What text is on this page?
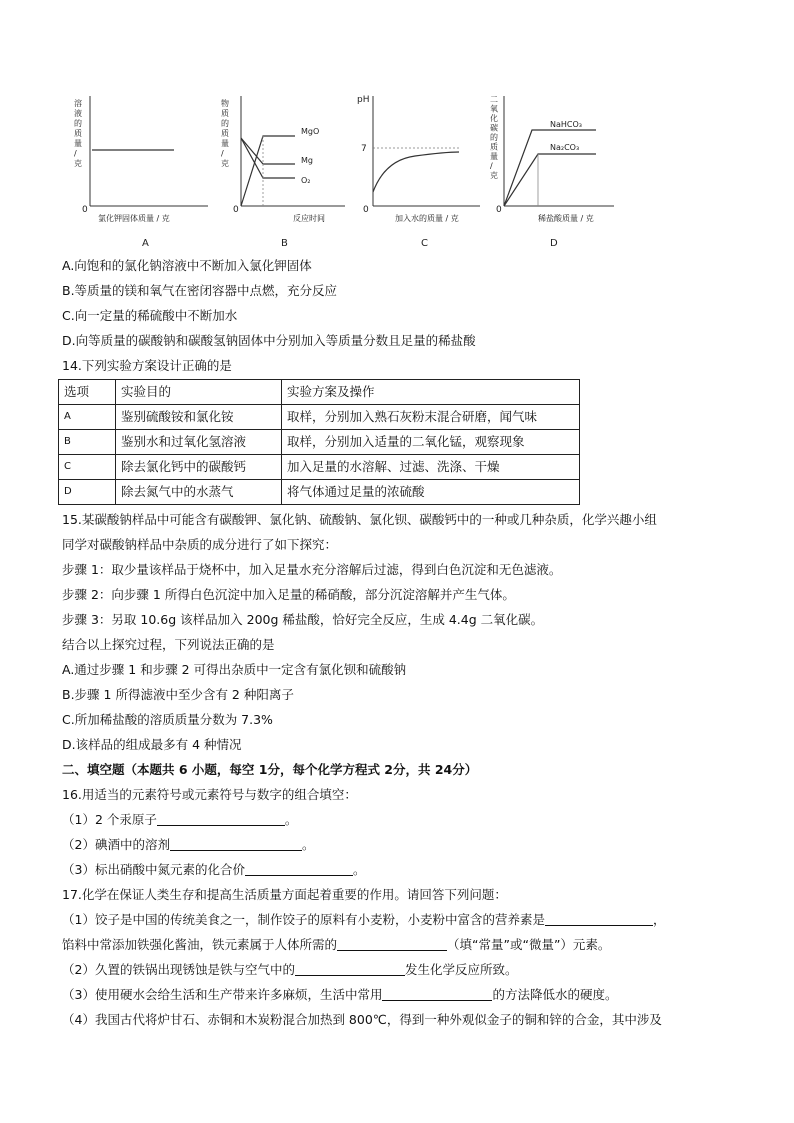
溶
液
的
质
量
/
克
0
氯化钾固体质量 / 克
A
物
质
的
质
量
/
克
MgO
Mg
O₂
0
反应时间
B
pH
7
0
加入水的质量 / 克
C
二
氧
化
碳
的
质
量
/
克
NaHCO₃
Na₂CO₃
0
稀盐酸质量 / 克
D
A.向饱和的氯化钠溶液中不断加入氯化钾固体
B.等质量的镁和氧气在密闭容器中点燃，充分反应
C.向一定量的稀硫酸中不断加水
D.向等质量的碳酸钠和碳酸氢钠固体中分别加入等质量分数且足量的稀盐酸
14.下列实验方案设计正确的是
选项	实验目的	实验方案及操作
A	鉴别硫酸铵和氯化铵	取样，分别加入熟石灰粉末混合研磨，闻气味
B	鉴别水和过氧化氢溶液	取样，分别加入适量的二氧化锰，观察现象
C	除去氯化钙中的碳酸钙	加入足量的水溶解、过滤、洗涤、干燥
D	除去氮气中的水蒸气	将气体通过足量的浓硫酸
15.某碳酸钠样品中可能含有碳酸钾、氯化钠、硫酸钠、氯化钡、碳酸钙中的一种或几种杂质，化学兴趣小组
同学对碳酸钠样品中杂质的成分进行了如下探究：
步骤 1：取少量该样品于烧杯中，加入足量水充分溶解后过滤，得到白色沉淀和无色滤液。
步骤 2：向步骤 1 所得白色沉淀中加入足量的稀硝酸，部分沉淀溶解并产生气体。
步骤 3：另取 10.6g 该样品加入 200g 稀盐酸，恰好完全反应，生成 4.4g 二氧化碳。
结合以上探究过程，下列说法正确的是
A.通过步骤 1 和步骤 2 可得出杂质中一定含有氯化钡和硫酸钠
B.步骤 1 所得滤液中至少含有 2 种阳离子
C.所加稀盐酸的溶质质量分数为 7.3%
D.该样品的组成最多有 4 种情况
二、填空题（本题共 6 小题，每空 1分，每个化学方程式 2分，共 24分）
16.用适当的元素符号或元素符号与数字的组合填空：
（1）2 个汞原子	。
（2）碘酒中的溶剂	。
（3）标出硝酸中氮元素的化合价	。
17.化学在保证人类生存和提高生活质量方面起着重要的作用。请回答下列问题：
（1）饺子是中国的传统美食之一，制作饺子的原料有小麦粉，小麦粉中富含的营养素是	，
馅料中常添加铁强化酱油，铁元素属于人体所需的	（填“常量”或“微量”）元素。
（2）久置的铁锅出现锈蚀是铁与空气中的	发生化学反应所致。
（3）使用硬水会给生活和生产带来许多麻烦，生活中常用	的方法降低水的硬度。
（4）我国古代将炉甘石、赤铜和木炭粉混合加热到 800℃，得到一种外观似金子的铜和锌的合金，其中涉及
